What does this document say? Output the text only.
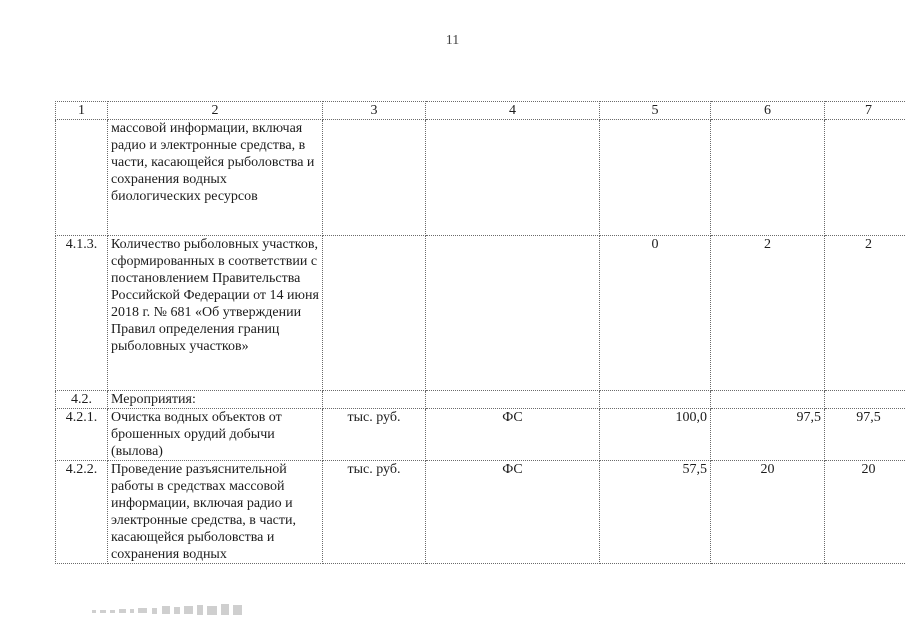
11
1	2	3	4	5	6	7
	массовой информации, включая радио и электронные средства, в части, касающейся рыболовства и сохранения водных биологических ресурсов					
4.1.3.	Количество рыболовных участков, сформированных в соответствии с постановлением Правительства Российской Федерации от 14 июня 2018 г. № 681 «Об утверждении Правил определения границ рыболовных участков»			0	2	2
4.2.	Мероприятия:					
4.2.1.	Очистка водных объектов от брошенных орудий добычи (вылова)	тыс. руб.	ФС	100,0	97,5	97,5
4.2.2.	Проведение разъяснительной работы в средствах массовой информации, включая радио и электронные средства, в части, касающейся рыболовства и сохранения водных	тыс. руб.	ФС	57,5	20	20
